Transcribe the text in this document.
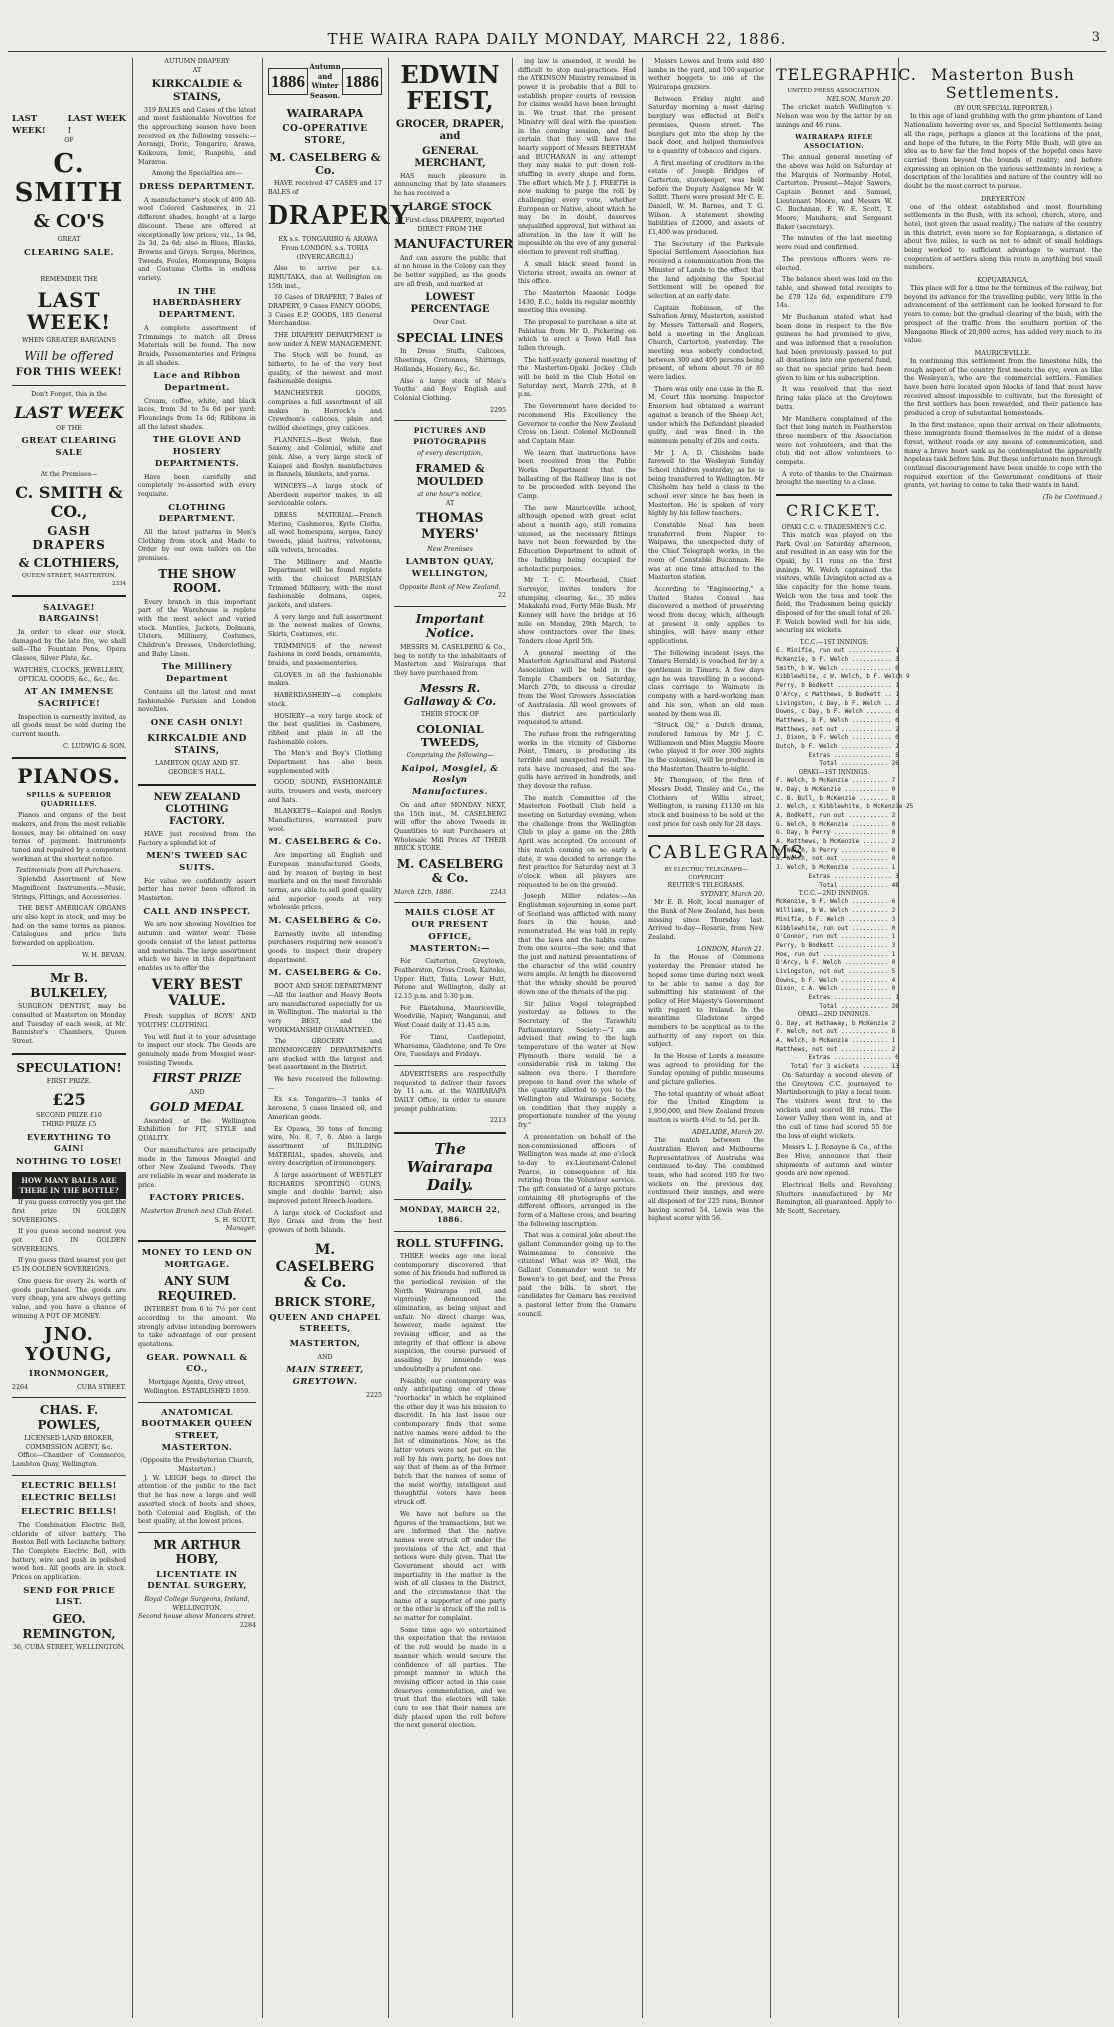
THE WAIRA RAPA DAILY MONDAY, MARCH 22, 1886.	3
LAST WEEK!
LAST WEEK !
OF
C. SMITH
& CO'S
GREAT
CLEARING SALE.
REMEMBER THE
LAST WEEK!
WHEN GREATER BARGAINS
Will be offered
FOR THIS WEEK!
Don't Forget, this is the
LAST WEEK
OF THE
GREAT CLEARING SALE
At the Premises—
C. SMITH & CO.,
GASH DRAPERS
& CLOTHIERS,
QUEEN STREET, MASTERTON.
2334
SALVAGE! BARGAINS!

In order to clear our stock, damaged by the late fire, we shall sell—The Fountain Pens, Opera Glasses, Silver Plate, &c.

WATCHES, CLOCKS, JEWELLERY, OPTICAL GOODS, &c., &c., &c.
AT AN IMMENSE SACRIFICE!

Inspection is earnestly invited, as all goods must be sold during the current month.

C. LUDWIG & SON.
PIANOS.
SPILLS & SUPERIOR QUADRILLES.

Pianos and organs of the best makers, and from the most reliable houses, may be obtained on easy terms of payment. Instruments tuned and repaired by a competent workman at the shortest notice.

Testimonials from all Purchasers.

Splendid Assortment of New Magnificent Instruments.—Music, Strings, Fittings, and Accessories.

THE BEST AMERICAN ORGANS are also kept in stock, and may be had on the same terms as pianos. Catalogues and price lists forwarded on application.

W. H. BEVAN.
Mr B. BULKELEY,

SURGEON DENTIST, may be consulted at Masterton on Monday and Tuesday of each week, at Mr. Bannister's Chambers, Queen Street.

SPECULATION!
FIRST PRIZE.
£25
SECOND PRIZE £10
THIRD PRIZE £5
EVERYTHING TO GAIN!
NOTHING TO LOSE!
HOW MANY BALLS ARE THERE IN THE BOTTLE?

If you guess correctly you get the first prize IN GOLDEN SOVEREIGNS.

If you guess second nearest you get £10 IN GOLDEN SOVEREIGNS.

If you guess third nearest you get £5 IN GOLDEN SOVEREIGNS.

One guess for every 2s. worth of goods purchased. The goods are very cheap, you are always getting value, and you have a chance of winning A POT OF MONEY.

JNO. YOUNG,
IRONMONGER,
2264	CUBA STREET.
CHAS. F. POWLES,
LICENSED LAND BROKER, COMMISSION AGENT, &c.

Office—Chamber of Commerce, Lambton Quay, Wellington.

ELECTRIC BELLS! ELECTRIC BELLS!
ELECTRIC BELLS!

The Combination Electric Bell, chloride of silver battery. The Boston Bell with Leclanche battery. The Complete Electric Bell, with battery, wire and push in polished wood box. All goods are in stock. Prices on application.

SEND FOR PRICE LIST.
GEO. REMINGTON,
36, CUBA STREET, WELLINGTON.
AUTUMN DRAPERY
AT
KIRKCALDIE & STAINS,

319 BALES and Cases of the latest and most fashionable Novelties for the approaching season have been received ex the following vessels:—Aorangi, Doric, Tongariro, Arawa, Kaikoura, Ionic, Ruapehu, and Mararoa.

Among the Specialties are—
DRESS DEPARTMENT.

A manufacturer's stock of 400 All-wool Colored Cashmeres, in 21 different shades, bought at a large discount. These are offered at exceptionally low prices, viz., 1s 9d, 2s 3d, 2s 6d; also in Blues, Blacks, Browns and Greys. Serges, Merinos, Tweeds, Foules, Homespuns, Beiges and Costume Cloths in endless variety.

IN THE HABERDASHERY DEPARTMENT.

A complete assortment of Trimmings to match all Dress Materials will be found. The new Braids, Passementeries and Fringes in all shades.

Lace and Ribbon Department.

Cream, coffee, white, and black laces, from 3d to 5s 6d per yard; Flouncings from 1s 6d; Ribbons in all the latest shades.

THE GLOVE AND HOSIERY DEPARTMENTS.

Have been carefully and completely re-assorted with every requisite.

CLOTHING DEPARTMENT.

All the latest patterns in Men's Clothing from stock and Made to Order by our own tailors on the premises.

THE SHOW ROOM.

Every branch in this important part of the Warehouse is replete with the most select and varied stock. Mantles, Jackets, Dolmans, Ulsters, Millinery, Costumes, Children's Dresses, Underclothing, and Baby Linen.

The Millinery Department

Contains all the latest and most fashionable Parisian and London novelties.

ONE CASH ONLY!
KIRKCALDIE AND STAINS,
LAMBTON QUAY AND ST. GEORGE'S HALL.
NEW ZEALAND CLOTHING FACTORY.

HAVE just received from the Factory a splendid lot of

MEN'S TWEED SAC SUITS.

For value we confidently assert better has never been offered in Masterton.

CALL AND INSPECT.

We are now showing Novelties for autumn and winter wear. These goods consist of the latest patterns and materials. The large assortment which we have in this department enables us to offer the

VERY BEST VALUE.

Fresh supplies of BOYS' AND YOUTHS' CLOTHING.

You will find it to your advantage to inspect our stock. The Goods are genuinely made from Mosgiel wear-resisting Tweeds.

FIRST PRIZE
AND
GOLD MEDAL

Awarded at the Wellington Exhibition for FIT, STYLE and QUALITY.

Our manufactures are principally made in the famous Mosgiel and other New Zealand Tweeds. They are reliable in wear and moderate in price.

FACTORY PRICES.
Masterton Branch next Club Hotel.
S. H. SCOTT,
Manager.
MONEY TO LEND ON MORTGAGE.
ANY SUM REQUIRED.

INTEREST from 6 to 7½ per cent according to the amount. We strongly advise intending borrowers to take advantage of our present quotations.

GEAR. POWNALL & CO.,
Mortgage Agents, Grey street, Wellington. ESTABLISHED 1859.
ANATOMICAL BOOTMAKER QUEEN STREET, MASTERTON.
(Opposite the Presbyterian Church, Masterton.)

J. W. LEIGH begs to direct the attention of the public to the fact that he has now a large and well assorted stock of boots and shoes, both Colonial and English, of the best quality, at the lowest prices.

MR ARTHUR HOBY,
LICENTIATE IN DENTAL SURGERY,
Royal College Surgeons, Ireland,
WELLINGTON.
Second house above Mancers street.
2284
1886
Autumn and Winter Season.
1886
WAIRARAPA
CO-OPERATIVE STORE,
M. CASELBERG & Co.

HAVE received 47 CASES and 17 BALES of

DRAPERY

EX s.s. TONGARIRO & ARAWA From LONDON. s.s. TORIA (INVERCARGILL)

Also to arrive per s.s. RIMUTAKA, due at Wellington on 15th inst.,

10 Cases of DRAPERY, 7 Bales of DRAPERY, 9 Cases FANCY GOODS, 3 Cases E.P. GOODS, 185 General Merchandise.

THE DRAPERY DEPARTMENT is now under A NEW MANAGEMENT.

The Stock will be found, as hitherto, to be of the very best quality, of the newest and most fashionable designs.

MANCHESTER GOODS, comprises a full assortment of all makes in Horrock's and Crewdson's calicoes, plain and twilled sheetings, grey calicoes.

FLANNELS—Best Welsh, fine Saxony, and Colonial, white and pink. Also, a very large stock of Kaiapoi and Roslyn manufactures in flannels, blankets, and yarns.

WINCEYS—A large stock of Aberdeen superior makes, in all serviceable colors.

DRESS MATERIAL—French Merino, Cashmeres, Kyrle Cloths, all wool homespuns, serges, fancy tweeds, plaid lustres, velveteens, silk velvets, brocades.

The Millinery and Mantle Department will be found replete with the choicest PARISIAN Trimmed Millinery, with the most fashionable dolmans, capes, jackets, and ulsters.

A very large and full assortment in the newest makes of Gowns, Skirts, Costumes, etc.

TRIMMINGS of the newest fashions in cord beads, ornaments, braids, and passementeries.

GLOVES in all the fashionable makes.

HABERDASHERY—a complete stock.

HOSIERY—a very large stock of the best qualities in Cashmere, ribbed and plain in all the fashionable colors.

The Men's and Boy's Clothing Department has also been supplemented with

GOOD, SOUND, FASHIONABLE suits, trousers and vests, mercery and hats.

BLANKETS—Kaiapoi and Roslyn Manufactures, warranted pure wool.

M. CASELBERG & Co.

Are importing all English and European manufactured Goods, and by reason of buying in best markets and on the most favorable terms, are able to sell good quality and superior goods at very wholesale prices.

M. CASELBERG & Co.

Earnestly invite all intending purchasers requiring new season's goods to inspect their drapery department.

M. CASELBERG & Co.

BOOT AND SHOE DEPARTMENT—All the leather and Heavy Boots are manufactured especially for us in Wellington. The material is the very BEST, and the WORKMANSHIP GUARANTEED.

The GROCERY and IRONMONGERY DEPARTMENTS are stocked with the largest and best assortment in the District.

We have received the following:—

Ex s.s. Tongariro—3 tanks of kerosene, 5 cases linseed oil, and American goods.

Ex Opawa, 30 tons of fencing wire, No. 8, 7, 6. Also a large assortment of BUILDING MATERIAL, spades, shovels, and every description of ironmongery.

A large assortment of WESTLEY RICHARDS SPORTING GUNS, single and double barrel; also improved patent Breech-loaders.

A large stock of Cocksfoot and Rye Grass and from the best growers of both Islands.

M. CASELBERG & Co.
BRICK STORE,
QUEEN AND CHAPEL STREETS,
MASTERTON,
AND
MAIN STREET, GREYTOWN.
2225
EDWIN FEIST,
GROCER, DRAPER, and
GENERAL MERCHANT,

HAS much pleasure in announcing that by late steamers he has received a

LARGE STOCK
Of First-class DRAPERY, imported
DIRECT FROM THE
MANUFACTURER

And can assure the public that at no house in the Colony can they be better supplied, as the goods are all fresh, and marked at

LOWEST PERCENTAGE
Over Cost.
SPECIAL LINES

In Dress Stuffs, Calicoes, Sheetings, Cretonnes, Shirtings, Hollands, Hosiery, &c., &c.

Also a large stock of Men's Youths' and Boys' English and Colonial Clothing.

2295
PICTURES AND PHOTOGRAPHS
of every description,
FRAMED & MOULDED
at one hour's notice,
AT
THOMAS MYERS'
New Premises
LAMBTON QUAY, WELLINGTON,
Opposite Bank of New Zealand.
22
Important Notice.

MESSRS M. CASELBERG & Co., beg to notify to the inhabitants of Masterton and Wairarapa that they have purchased from

Messrs R. Gallaway & Co.
THEIR STOCK OF
COLONIAL TWEEDS,
Comprising the following—
Kaipoi, Mosgiel, & Roslyn Manufactures.

On and after MONDAY NEXT, the 15th inst., M. CASELBERG will offer the above Tweeds in Quantities to suit Purchasers at Wholesale Mill Prices AT THEIR BRICK STORE.

M. CASELBERG & Co.
March 12th, 1886.	2243
MAILS CLOSE AT OUR PRESENT OFFICE, MASTERTON:—

For Carterton, Greytown, Featherston, Cross Creek, Kaitoke, Upper Hutt, Taita, Lower Hutt, Petone and Wellington, daily at 12.15 p.m. and 5.30 p.m.

For Eketahuna, Mauriceville, Woodville, Napier, Wanganui, and West Coast daily at 11.45 a.m.

For Tinui, Castlepoint, Whareama, Gladstone, and Te Ore Ore, Tuesdays and Fridays.

ADVERTISERS are respectfully requested to deliver their favors by 11 a.m. at the WAIRARAPA DAILY Office, in order to ensure prompt publication.

2213
The Wairarapa Daily.
MONDAY, MARCH 22, 1886.
ROLL STUFFING.

THREE weeks ago one local contemporary discovered that some of his friends had suffered in the periodical revision of the North Wairarapa roll, and vigorously denounced the elimination, as being unjust and unfair. No direct charge was, however, made against the revising officer, and as the integrity of that officer is above suspicion, the course pursued of assailing by innuendo was undoubtedly a prudent one.

Possibly, our contemporary was only anticipating one of those "roorbacks" in which he explained the other day it was his mission to discredit. In his last issue our contemporary finds that some native names were added to the list of eliminations. Now, as the latter voters were not put on the roll by his own party, he does not say that of them as of the former batch that the names of some of the most worthy, intelligent and thoughtful voters have been struck off.

We have not before us the figures of the transactions, but we are informed that the native names were struck off under the provisions of the Act, and that notices were duly given. That the Government should act with impartiality in the matter is the wish of all classes in the District, and the circumstance that the name of a supporter of one party or the other is struck off the roll is no matter for complaint.

Some time ago we entertained the expectation that the revision of the roll would be made in a manner which would secure the confidence of all parties. The prompt manner in which the revising officer acted in this case deserves commendation, and we trust that the electors will take care to see that their names are duly placed upon the roll before the next general election.

ing law is amended, it would be difficult to stop mal-practices. Had the ATKINSON Ministry remained in power it is probable that a Bill to establish proper courts of revision for claims would have been brought in. We trust that the present Ministry will deal with the question in the coming session, and feel certain that they will have the hearty support of Messrs BEETHAM and BUCHANAN in any attempt they may make to put down roll-stuffing in every shape and form. The effort which Mr J. J. FREETH is now making to purge the roll by challenging every vote, whether European or Native, about which he may be in doubt, deserves unqualified approval, but without an alteration in the law it will be impossible on the eve of any general election to prevent roll stuffing.

A small black steed found in Victoria street, awaits an owner at this office.

The Masterton Masonic Lodge 1430, E.C., holds its regular monthly meeting this evening.

The proposal to purchase a site at Pahiatua from Mr D. Pickering on which to erect a Town Hall has fallen through.

The half-yearly general meeting of the Masterton-Opaki Jockey Club will be held in the Club Hotel on Saturday next, March 27th, at 8 p.m.

The Government have decided to recommend His Excellency the Governor to confer the New Zealand Cross on Lieut. Colonel McDonnell and Captain Mair.

We learn that instructions have been received from the Public Works Department that the ballasting of the Railway line is not to be proceeded with beyond the Camp.

The new Mauriceville school, although opened with great eclat about a month ago, still remains unused, as the necessary fittings have not been forwarded by the Education Department to admit of the building being occupied for scholastic purposes.

Mr T. C. Moorhead, Chief Surveyor, invites tenders for stumping, clearing, &c., 35 miles Makakahi road, Forty Mile Bush. Mr Kenney will have the bridge at 16 mile on Monday, 29th March, to show contractors over the lines. Tenders close April 5th.

A general meeting of the Masterton Agricultural and Pastoral Association will be held in the Temple Chambers on Saturday, March 27th, to discuss a circular from the Wool Growers Association of Australasia. All wool growers of this district are particularly requested to attend.

The refuse from the refrigerating works in the vicinity of Gisborne Point, Timaru, is producing its terrible and unexpected result. The rats have increased, and the sea-gulls have arrived in hundreds, and they devour the refuse.

The match Committee of the Masterton Football Club held a meeting on Saturday evening, when the challenge from the Wellington Club to play a game on the 28th April was accepted. On account of this match coming on so early a date, it was decided to arrange the first practice for Saturday next at 3 o'clock when all players are requested to be on the ground.

Joseph Miller relates:—An Englishman sojourning in some part of Scotland was afflicted with many fears in the house, and remonstrated. He was told in reply that the laws and the habits came from one source—the sow; and that the just and natural presentations of the character of the wild country were ample. At length he discovered that the whisky should be poured down one of the throats of the pig.

Sir Julius Vogel telegraphed yesterday as follows to the Secretary of the Tarawhiti Parliamentary Society:—"I am advised that owing to the high temperature of the water at New Plymouth there would be a considerable risk in taking the salmon ova there. I therefore propose to hand over the whole of the quantity allotted to you to the Wellington and Wairarapa Society, on condition that they supply a proportionate number of the young fry."

A presentation on behalf of the non-commissioned officers of Wellington was made at one o'clock to-day to ex-Lieutenant-Colonel Pearce, in consequence of his retiring from the Volunteer service. The gift consisted of a large picture containing 48 photographs of the different officers, arranged in the form of a Maltese cross, and bearing the following inscription.

That was a comical joke about the gallant Commander going up to the Waimeamea to conceive the citizens! What was it? Well, the Gallant Commander went to Mr Bowen's to get beef, and the Press paid the bills. In short the candidates for Oamaru has received a pastoral letter from the Oamaru council.

Messrs Lowes and Irons sold 480 lambs in the yard, and 100 superior wether hoggets to one of the Wairarapa graziers.

Between Friday night and Saturday morning a most daring burglary was effected at Bell's premises, Queen street. The burglars got into the shop by the back door, and helped themselves to a quantity of tobacco and cigars.

A first meeting of creditors in the estate of Joseph Bridges of Carterton, storekeeper, was held before the Deputy Assignee Mr W. Sollitt. There were present Mr C. E. Daniell, W. M. Barnes, and T. G. Wilson. A statement showing liabilities of £2000, and assets of £1,400 was produced.

The Secretary of the Parkvale Special Settlement Association has received a communication from the Minister of Lands to the effect that the land adjoining the Special Settlement will be opened for selection at an early date.

Captain Robinson, of the Salvation Army, Masterton, assisted by Messrs Tattersall and Rogers, held a meeting in the Anglican Church, Carterton, yesterday. The meeting was soberly conducted, between 300 and 400 persons being present, of whom about 70 or 80 were ladies.

There was only one case in the R. M. Court this morning. Inspector Emerson had obtained a warrant against a branch of the Sheep Act, under which the Defendant pleaded guilty, and was fined in the minimum penalty of 20s and costs.

Mr J. A. D. Chisholm bade farewell to the Wesleyan Sunday School children yesterday, as he is being transferred to Wellington. Mr Chisholm has held a class in the school ever since he has been in Masterton. He is spoken of very highly by his fellow teachers.

Constable Neal has been transferred from Napier to Waipawa, the unexpected duty of the Chief Telegraph works, in the room of Constable Bucannan. He was at one time attached to the Masterton station.

According to "Engineering," a United States Consul has discovered a method of preserving wood from decay, which, although at present it only applies to shingles, will have many other applications.

The following incident (says the Timaru Herald) is vouched for by a gentleman in Timaru. A few days ago he was travelling in a second-class carriage to Waimate in company with a hard-working man and his son, when an old man seated by them was ill.

"Struck Oil," a Dutch drama, rendered famous by Mr J. C. Williamson and Miss Maggie Moore (who played it for over 300 nights in the colonies), will be produced in the Masterton Theatre to-night.

Mr Thompson, of the firm of Messrs Dodd, Tinsley and Co., the Clothiers of Willis street, Wellington, is raising £1130 on his stock and business to be sold at the cost price for cash only for 28 days.

CABLEGRAMS
BY ELECTRIC TELEGRAPH—COPYRIGHT
REUTER'S TELEGRAMS.
SYDNEY, March 20.

Mr E. B. Holt, local manager of the Bank of New Zealand, has been missing since Thursday last. Arrived to-day—Rosarie, from New Zealand.

LONDON, March 21.

In the House of Commons yesterday the Premier stated he hoped some time during next week to be able to name a day for submitting his statement of the policy of Her Majesty's Government with regard to Ireland. In the meantime Gladstone urged members to be sceptical as to the authority of any report on this subject.

In the House of Lords a measure was agreed to providing for the Sunday opening of public museums and picture galleries.

The total quantity of wheat afloat for the United Kingdom is 1,950,000, and New Zealand frozen mutton is worth 4½d. to 5d. per lb.

ADELAIDE, March 20.

The match between the Australian Eleven and Melbourne Representatives of Australia was continued to-day. The combined team, who had scored 195 for two wickets on the previous day, continued their innings, and were all disposed of for 225 runs, Bonnor having scored 54. Lewis was the highest scorer with 56.

TELEGRAPHIC.
UNITED PRESS ASSOCIATION.
NELSON, March 20.

The cricket match Wellington v. Nelson was won by the latter by an innings and 46 runs.

WAIRARAPA RIFLE ASSOCIATION.

The annual general meeting of the above was held on Saturday at the Marquis of Normanby Hotel, Carterton. Present—Major Sawers, Captain Bennet and Samuel, Lieutenant Moore, and Messrs W. C. Buchanan, F. W. E. Scott, T. Moore, Manihera, and Sergeant Baker (secretary).

The minutes of the last meeting were read and confirmed.

The previous officers were re-elected.

The balance sheet was laid on the table, and showed total receipts to be £79 12s 6d, expenditure £79 14s.

Mr Buchanan stated what had been done in respect to the five guineas he had promised to give, and was informed that a resolution had been previously passed to put all donations into one general fund, so that no special prize had been given to him or his subscription.

It was resolved that the next firing take place at the Greytown butts.

Mr Manihera complained of the fact that long match in Featherston three members of the Association were not volunteers, and that the club did not allow volunteers to compete.

A vote of thanks to the Chairman brought the meeting to a close.

CRICKET.
OPAKI C.C. v. TRADESMEN'S C.C.

This match was played on the Park Oval on Saturday afternoon, and resulted in an easy win for the Opaki, by 11 runs on the first innings. W. Welch captained the visitors, while Livingston acted as a like capacity for the home team. Welch won the toss and took the field, the Tradesmen being quickly disposed of for the small total of 26. F. Welch bowled well for his side, securing six wickets.

T.C.C.—1ST INNINGS.
E. Minifie, run out ............ 1
McKenzie, b F. Welch ........... 3
Smith, b W. Welch .............. 0
Kibblewhite, c W. Welch, b F. Welch 9
Perry, b Bodkett ............... 1
D'Arcy, c Matthews, b Bodkett .. 1
Livingston, c Day, b F. Welch .. 2
Downs, c Day, b F. Welch ....... 0
Matthews, b F. Welch ........... 0
Matthews, not out .............. 2
J. Dixon, b F. Welch ........... 0
Dutch, b F. Welch .............. 2
Extras ................ 5
Total ............. 26
OPAKI—1ST INNINGS.
F. Welch, b McKenzie .......... 7
W. Day, b McKenzie ............ 0
C. B. Bull, b McKenzie ........ 8
J. Welch, c Kibblewhite, b McKenzie 25
A. Bodkett, run out ........... 2
G. Welch, b McKenzie .......... 0
G. Day, b Perry ............... 0
A. Matthews, b McKenzie ....... 2
H. Welch, b Perry ............. 0
W. Welch, not out ............. 0
J. Welch, b McKenzie .......... 1
Extras ................ 3
Total ............. 48
T.C.C.—2ND INNINGS.
McKenzie, b F. Welch .......... 6
Williams, b W. Welch .......... 2
Minifie, b F. Welch ........... 3
Kibblewhite, run out .......... 0
O'Connor, run out ............. 1
Perry, b Bodkett .............. 3
Hoe, run out .................. 1
D'Arcy, b F. Welch ............ 0
Livingston, not out ........... 5
Downs, b F. Welch ............. 4
Dixon, c A. Welch ............. 0
Extras ................ 1
Total ............. 26
OPAKI—2ND INNINGS.
G. Day, at Hathaway, b McKenzie 2
F. Welch, not out ............. 8
A. Welch, b McKenzie .......... 1
Matthews, not out ............. 2
Extras ................ 0
Total for 3 wickets ....... 13

On Saturday a second eleven of the Greytown C.C. journeyed to Martinborough to play a local team. The visitors went first to the wickets and scored 88 runs. The Lower Valley then went in, and at the call of time had scored 55 for the loss of eight wickets.

Messrs L. J. Ronayne & Co., of the Bee Hive, announce that their shipments of autumn and winter goods are now opened.

Electrical Bells and Revolving Shutters manufactured by Mr Remington, all guaranteed. Apply to Mr Scott, Secretary.

Masterton Bush Settlements.
(BY OUR SPECIAL REPORTER.)

In this age of land grabbing with the grim phantom of Land Nationalism hovering over us, and Special Settlements being all the rage, perhaps a glance at the locations of the past, and hope of the future, in the Forty Mile Bush, will give an idea as to how far the fond hopes of the hopeful ones have carried them beyond the bounds of reality; and before expressing an opinion on the various settlements in review, a description of the localities and nature of the country will no doubt be the most correct to pursue.

DREYERTON

one of the oldest established and most flourishing settlements in the Bush, with its school, church, store, and hotel, (not given the usual reality.) The nature of the country in this district, even more so for Kopuaranga, a distance of about five miles, is such as not to admit of small holdings being worked to sufficient advantage to warrant the cooperation of settlers along this route in anything but small numbers.

KOPUARANGA.

This place will for a time be the terminus of the railway, but beyond its advance for the travelling public, very little in the advancement of the settlement can be looked forward to for years to come; but the gradual clearing of the bush, with the prospect of the traffic from the southern portion of the Mangaone Block of 20,000 acres, has added very much to its value.

MAURICEVILLE.

In continuing this settlement from the limestone hills, the rough aspect of the country first meets the eye, even as like the Wesleyan's, who are the commercial settlers. Families have been here located upon blocks of land that must have received almost impossible to cultivate, but the foresight of the first settlers has been rewarded, and their patience has produced a crop of substantial homesteads.

In the first instance, upon their arrival on their allotments, these immigrants found themselves in the midst of a dense forest, without roads or any means of communication, and many a brave heart sank as he contemplated the apparently hopeless task before him. But these unfortunate men through continual discouragement have been unable to cope with the required exertion of the Government conditions of their grants, yet having to come to take their wants in hand.

(To be Continued.)
